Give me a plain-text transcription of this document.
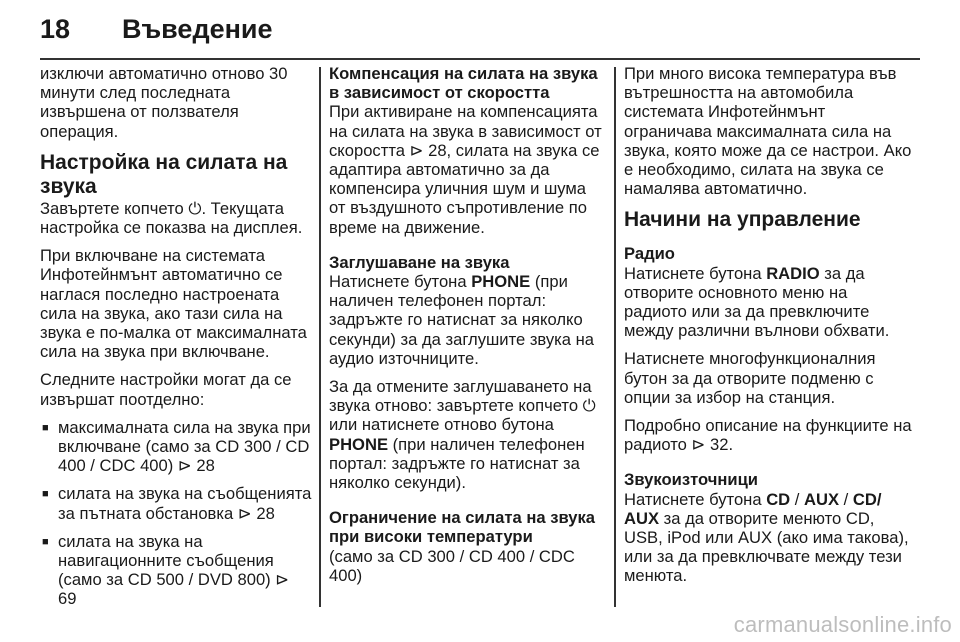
18 Въведение

изключи автоматично отново 30 минути след последната извършена от ползвателя операция.

Настройка на силата на звука

Завъртете копчето ⏻. Текущата настройка се показва на дисплея.

При включване на системата Инфотейнмънт автоматично се наглася последно настроената сила на звука, ако тази сила на звука е по-малка от максималната сила на звука при включване.

Следните настройки могат да се извършат поотделно:

■ максималната сила на звука при включване (само за CD 300 / CD 400 / CDC 400) ⊳ 28
■ силата на звука на съобщенията за пътната обстановка ⊳ 28
■ силата на звука на навигационните съобщения (само за CD 500 / DVD 800) ⊳ 69

Компенсация на силата на звука в зависимост от скоростта

При активиране на компенсацията на силата на звука в зависимост от скоростта ⊳ 28, силата на звука се адаптира автоматично за да компенсира уличния шум и шума от въздушното съпротивление по време на движение.

Заглушаване на звука

Натиснете бутона PHONE (при наличен телефонен портал: задръжте го натиснат за няколко секунди) за да заглушите звука на аудио източниците.

За да отмените заглушаването на звука отново: завъртете копчето ⏻ или натиснете отново бутона PHONE (при наличен телефонен портал: задръжте го натиснат за няколко секунди).

Ограничение на силата на звука при високи температури

(само за CD 300 / CD 400 / CDC 400)

При много висока температура във вътрешността на автомобила системата Инфотейнмънт ограничава максималната сила на звука, която може да се настрои. Ако е необходимо, силата на звука се намалява автоматично.

Начини на управление

Радио

Натиснете бутона RADIO за да отворите основното меню на радиото или за да превключите между различни вълнови обхвати.

Натиснете многофункционалния бутон за да отворите подменю с опции за избор на станция.

Подробно описание на функциите на радиото ⊳ 32.

Звукоизточници

Натиснете бутона CD / AUX / CD/ AUX за да отворите менюто CD, USB, iPod или AUX (ако има такова), или за да превключвате между тези менюта.

carmanualsonline.info
